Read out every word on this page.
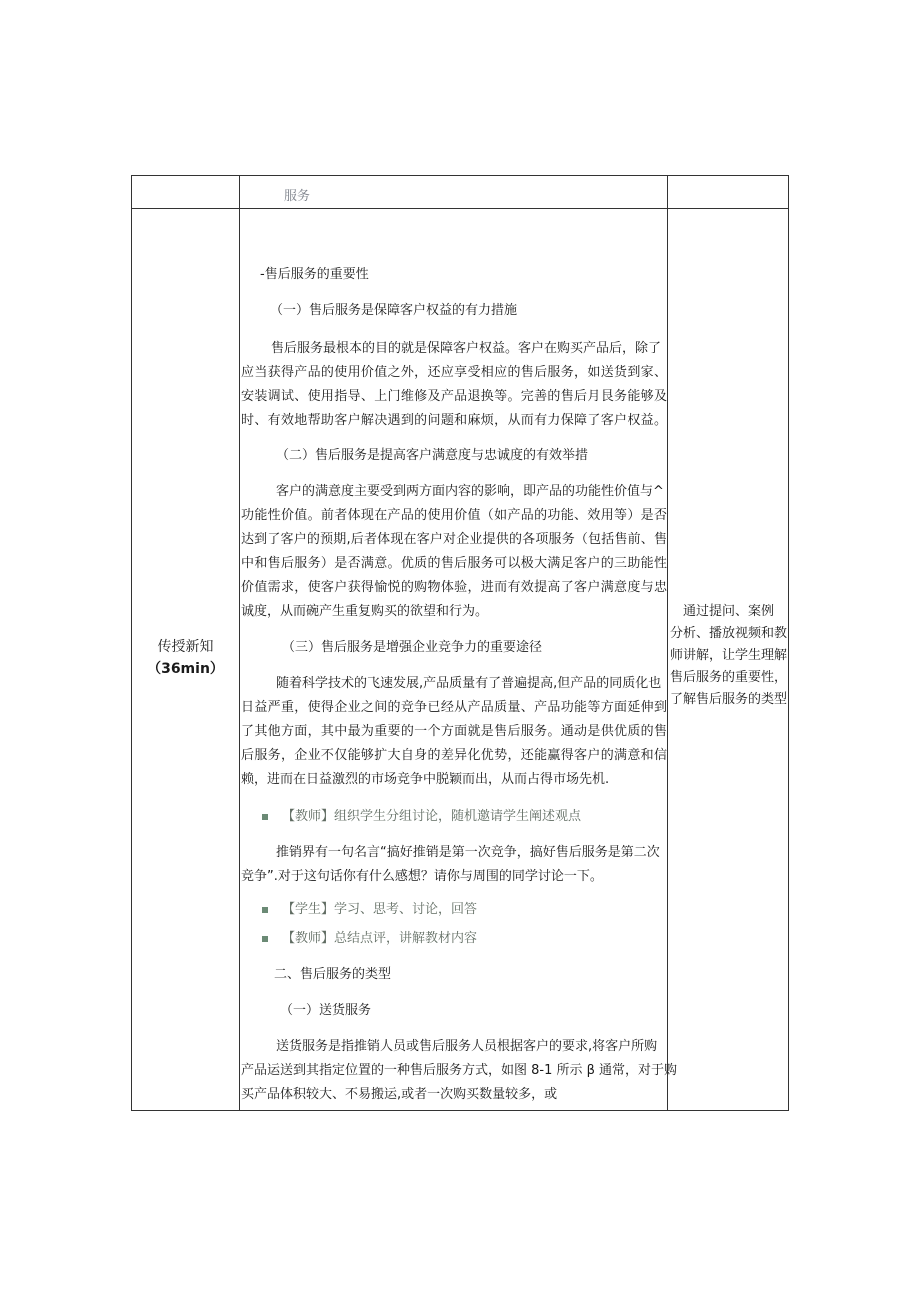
服务
传授新知
（36min）
通过提问、案例
分析、播放视频和教
师讲解，让学生理解
售后服务的重要性，
了解售后服务的类型
-售后服务的重要性
（一）售后服务是保障客户权益的有力措施
售后服务最根本的目的就是保障客户权益。客户在购买产品后，除了
应当获得产品的使用价值之外，还应享受相应的售后服务，如送货到家、
安装调试、使用指导、上门维修及产品退换等。完善的售后月艮务能够及
时、有效地帮助客户解决遇到的问题和麻烦，从而有力保障了客户权益。
（二）售后服务是提高客户满意度与忠诚度的有效举措
客户的满意度主要受到两方面内容的影响，即产品的功能性价值与^
功能性价值。前者体现在产品的使用价值（如产品的功能、效用等）是否
达到了客户的预期,后者体现在客户对企业提供的各项服务（包括售前、售
中和售后服务）是否满意。优质的售后服务可以极大满足客户的三助能性
价值需求，使客户获得愉悦的购物体验，进而有效提高了客户满意度与忠
诚度，从而碗产生重复购买的欲望和行为。
（三）售后服务是增强企业竞争力的重要途径
随着科学技术的飞速发展,产品质量有了普遍提高,但产品的同质化也
日益严重，使得企业之间的竞争已经从产品质量、产品功能等方面延伸到
了其他方面，其中最为重要的一个方面就是售后服务。通动是供优质的售
后服务，企业不仅能够扩大自身的差异化优势，还能赢得客户的满意和信
赖，进而在日益激烈的市场竞争中脱颖而出，从而占得市场先机.
【教师】组织学生分组讨论，随机邀请学生阐述观点
推销界有一句名言“搞好推销是第一次竞争，搞好售后服务是第二次
竞争”.对于这句话你有什么感想？请你与周围的同学讨论一下。
【学生】学习、思考、讨论，回答
【教师】总结点评，讲解教材内容
二、售后服务的类型
（一）送货服务
送货服务是指推销人员或售后服务人员根据客户的要求,将客户所购
产品运送到其指定位置的一种售后服务方式，如图 8-1 所示 β 通常，对于购
买产品体积较大、不易搬运,或者一次购买数量较多，或
